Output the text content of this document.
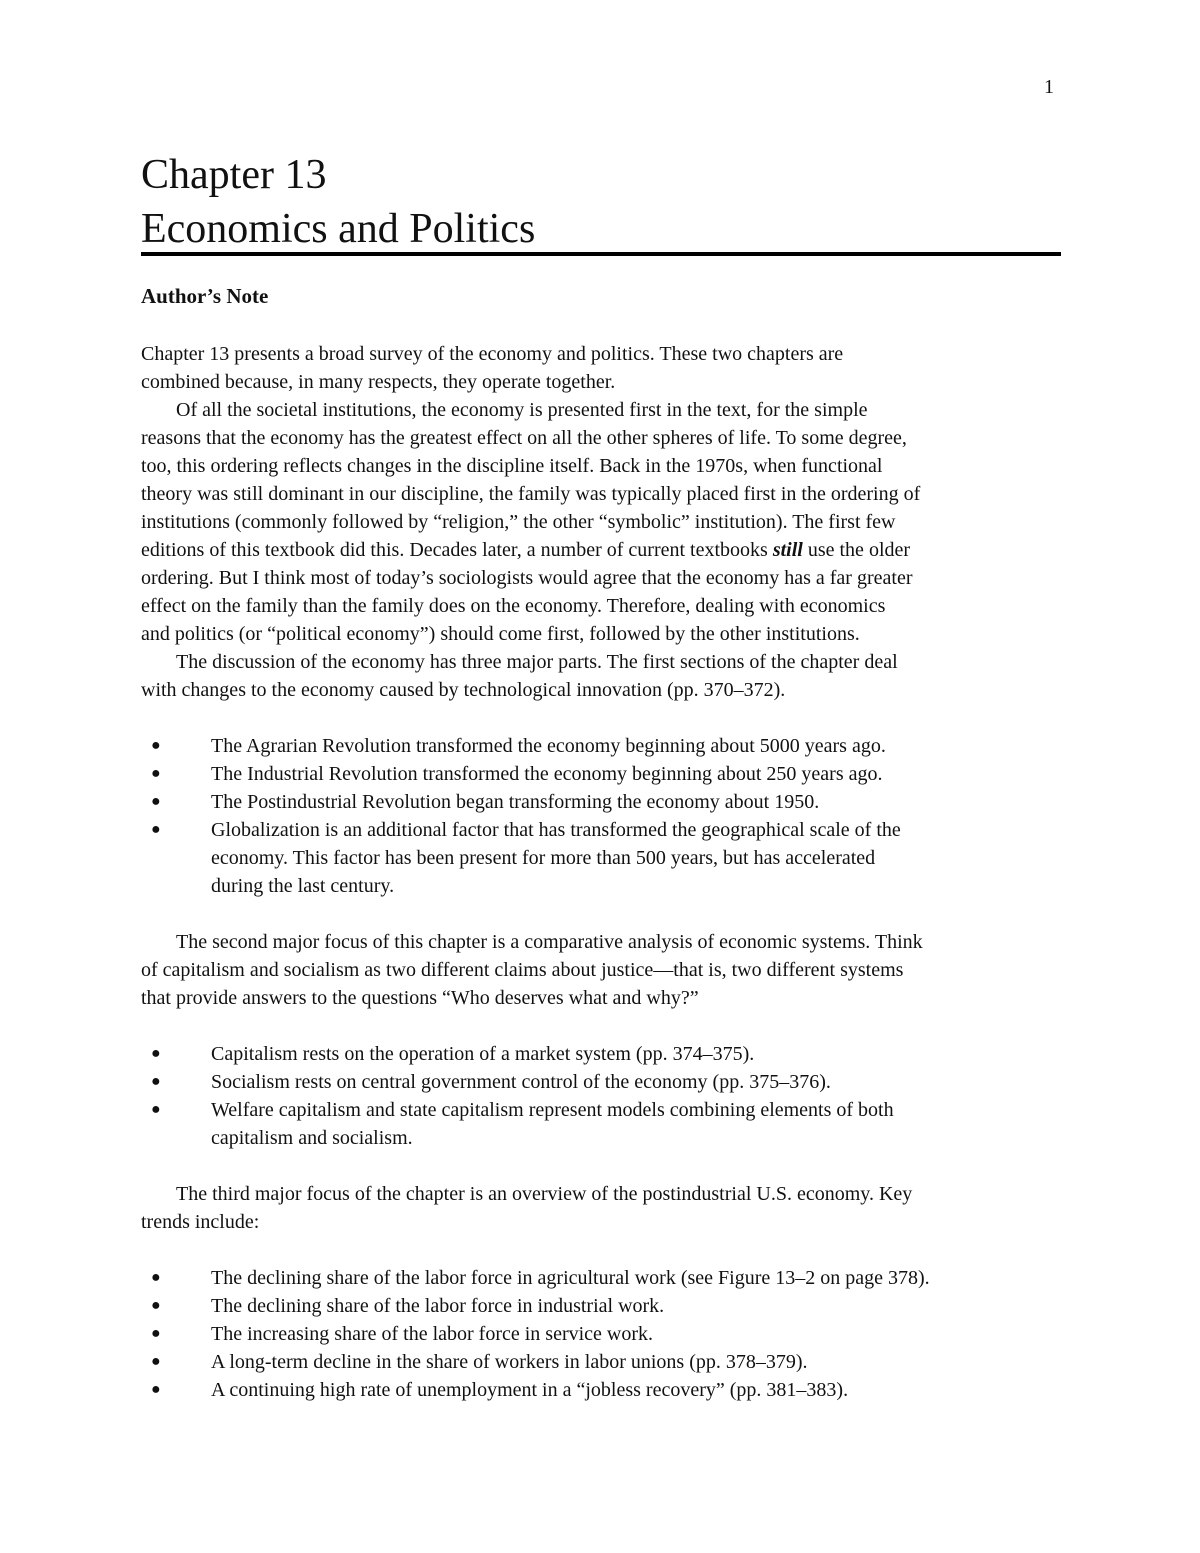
1
Chapter 13
Economics and Politics
Author’s Note
Chapter 13 presents a broad survey of the economy and politics. These two chapters are
combined because, in many respects, they operate together.
Of all the societal institutions, the economy is presented first in the text, for the simple
reasons that the economy has the greatest effect on all the other spheres of life. To some degree,
too, this ordering reflects changes in the discipline itself. Back in the 1970s, when functional
theory was still dominant in our discipline, the family was typically placed first in the ordering of
institutions (commonly followed by “religion,” the other “symbolic” institution). The first few
editions of this textbook did this. Decades later, a number of current textbooks still use the older
ordering. But I think most of today’s sociologists would agree that the economy has a far greater
effect on the family than the family does on the economy. Therefore, dealing with economics
and politics (or “political economy”) should come first, followed by the other institutions.
The discussion of the economy has three major parts. The first sections of the chapter deal
with changes to the economy caused by technological innovation (pp. 370–372).
●	The Agrarian Revolution transformed the economy beginning about 5000 years ago.
●	The Industrial Revolution transformed the economy beginning about 250 years ago.
●	The Postindustrial Revolution began transforming the economy about 1950.
●	Globalization is an additional factor that has transformed the geographical scale of the
economy. This factor has been present for more than 500 years, but has accelerated
during the last century.
The second major focus of this chapter is a comparative analysis of economic systems. Think
of capitalism and socialism as two different claims about justice—that is, two different systems
that provide answers to the questions “Who deserves what and why?”
●	Capitalism rests on the operation of a market system (pp. 374–375).
●	Socialism rests on central government control of the economy (pp. 375–376).
●	Welfare capitalism and state capitalism represent models combining elements of both
capitalism and socialism.
The third major focus of the chapter is an overview of the postindustrial U.S. economy. Key
trends include:
●	The declining share of the labor force in agricultural work (see Figure 13–2 on page 378).
●	The declining share of the labor force in industrial work.
●	The increasing share of the labor force in service work.
●	A long-term decline in the share of workers in labor unions (pp. 378–379).
●	A continuing high rate of unemployment in a “jobless recovery” (pp. 381–383).
